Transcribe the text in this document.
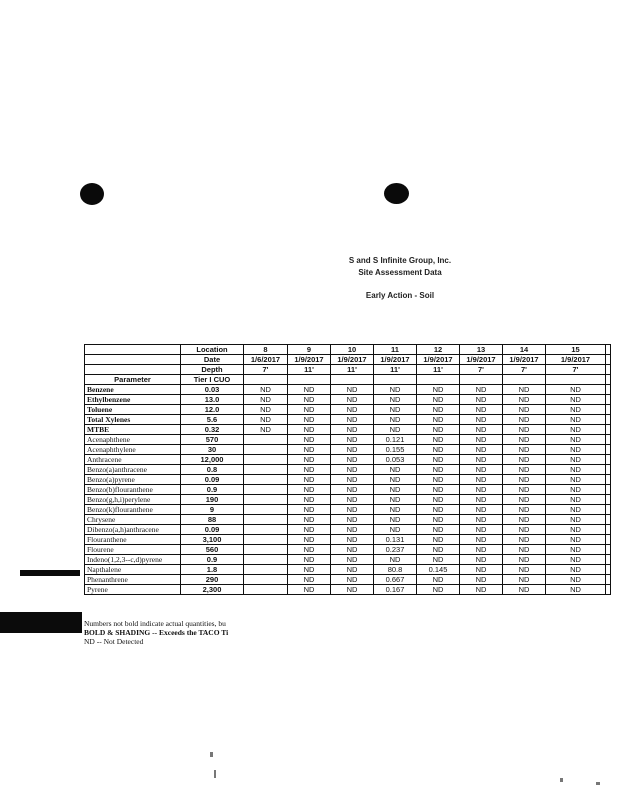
S and S Infinite Group, Inc.
Site Assessment Data
Early Action - Soil
	Location	8	9	10	11	12	13	14	15	
	Date	1/6/2017	1/9/2017	1/9/2017	1/9/2017	1/9/2017	1/9/2017	1/9/2017	1/9/2017	
	Depth	7'	11'	11'	11'	11'	7'	7'	7'	
Parameter	Tier I CUO									
Benzene	0.03	ND	ND	ND	ND	ND	ND	ND	ND	
Ethylbenzene	13.0	ND	ND	ND	ND	ND	ND	ND	ND	
Toluene	12.0	ND	ND	ND	ND	ND	ND	ND	ND	
Total Xylenes	5.6	ND	ND	ND	ND	ND	ND	ND	ND	
MTBE	0.32	ND	ND	ND	ND	ND	ND	ND	ND	
Acenaphthene	570		ND	ND	0.121	ND	ND	ND	ND	
Acenaphthylene	30		ND	ND	0.155	ND	ND	ND	ND	
Anthracene	12,000		ND	ND	0.053	ND	ND	ND	ND	
Benzo(a)anthracene	0.8		ND	ND	ND	ND	ND	ND	ND	
Benzo(a)pyrene	0.09		ND	ND	ND	ND	ND	ND	ND	
Benzo(b)flouranthene	0.9		ND	ND	ND	ND	ND	ND	ND	
Benzo(g,h,i)perylene	190		ND	ND	ND	ND	ND	ND	ND	
Benzo(k)flouranthene	9		ND	ND	ND	ND	ND	ND	ND	
Chrysene	88		ND	ND	ND	ND	ND	ND	ND	
Dibenzo(a,h)anthracene	0.09		ND	ND	ND	ND	ND	ND	ND	
Flouranthene	3,100		ND	ND	0.131	ND	ND	ND	ND	
Flourene	560		ND	ND	0.237	ND	ND	ND	ND	
Indeno(1,2,3--c,d)pyrene	0.9		ND	ND	ND	ND	ND	ND	ND	
Napthalene	1.8		ND	ND	80.8	0.145	ND	ND	ND	
Phenanthrene	290		ND	ND	0.667	ND	ND	ND	ND	
Pyrene	2,300		ND	ND	0.167	ND	ND	ND	ND	
Numbers not bold indicate actual quantities, bu
BOLD & SHADING -- Exceeds the TACO Ti
ND -- Not Detected
